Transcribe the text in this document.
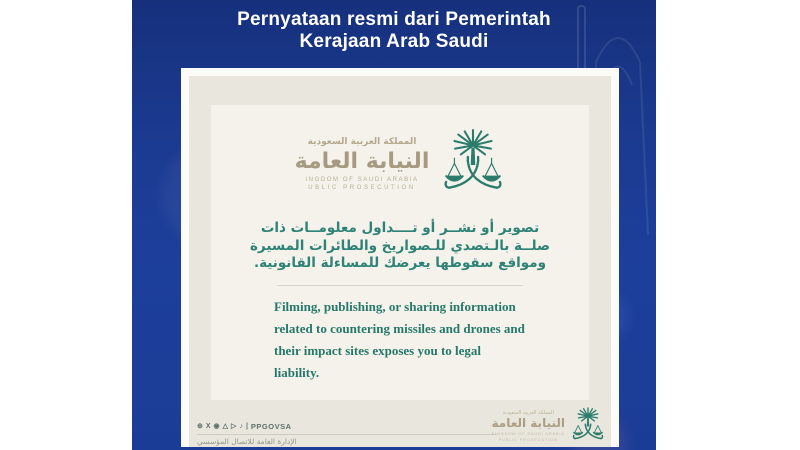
Pernyataan resmi dari Pemerintah
Kerajaan Arab Saudi
المملكة العربية السعودية
النيابة العامة
INGDOM OF SAUDI ARABIA
UBLIC PROSECUTION
تصوير أو نشــر أو تــــداول معلومــات ذات
صلــة بالـتصدي للـصواريخ والطائرات المسيرة
ومواقع سقوطها يعرضك للمساءلة القانونية.
Filming, publishing, or sharing information
related to countering missiles and drones and
their impact sites exposes you to legal liability.
⊕ X ◉ △ ▷ ♪ | PPGOVSA
الإدارة العامة للاتصال المؤسسي
المملكة العربية السعودية
النيابة العامة
KINGDOM OF SAUDI ARABIA
PUBLIC PROSECUTION
